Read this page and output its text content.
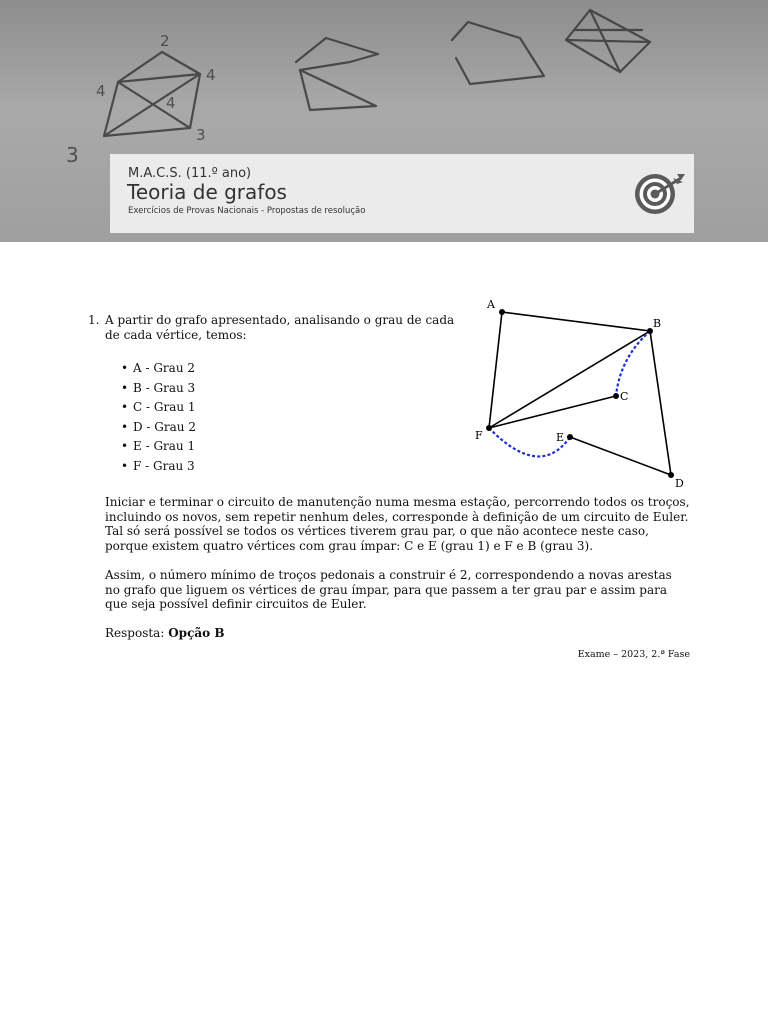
2
4
4
4
3
3
M.A.C.S. (11.º ano)
Teoria de grafos
Exercícios de Provas Nacionais - Propostas de resolução
1. A partir do grafo apresentado, analisando o grau de cada de cada vértice, temos:
• A - Grau 2
• B - Grau 3
• C - Grau 1
• D - Grau 2
• E - Grau 1
• F - Grau 3
A
B
C
D
E
F
Iniciar e terminar o circuito de manutenção numa mesma estação, percorrendo todos os troços, incluindo os novos, sem repetir nenhum deles, corresponde à definição de um circuito de Euler. Tal só será possível se todos os vértices tiverem grau par, o que não acontece neste caso, porque existem quatro vértices com grau ímpar: C e E (grau 1) e F e B (grau 3).
Assim, o número mínimo de troços pedonais a construir é 2, correspondendo a novas arestas no grafo que liguem os vértices de grau ímpar, para que passem a ter grau par e assim para que seja possível definir circuitos de Euler.
Resposta: Opção B
Exame – 2023, 2.ª Fase
